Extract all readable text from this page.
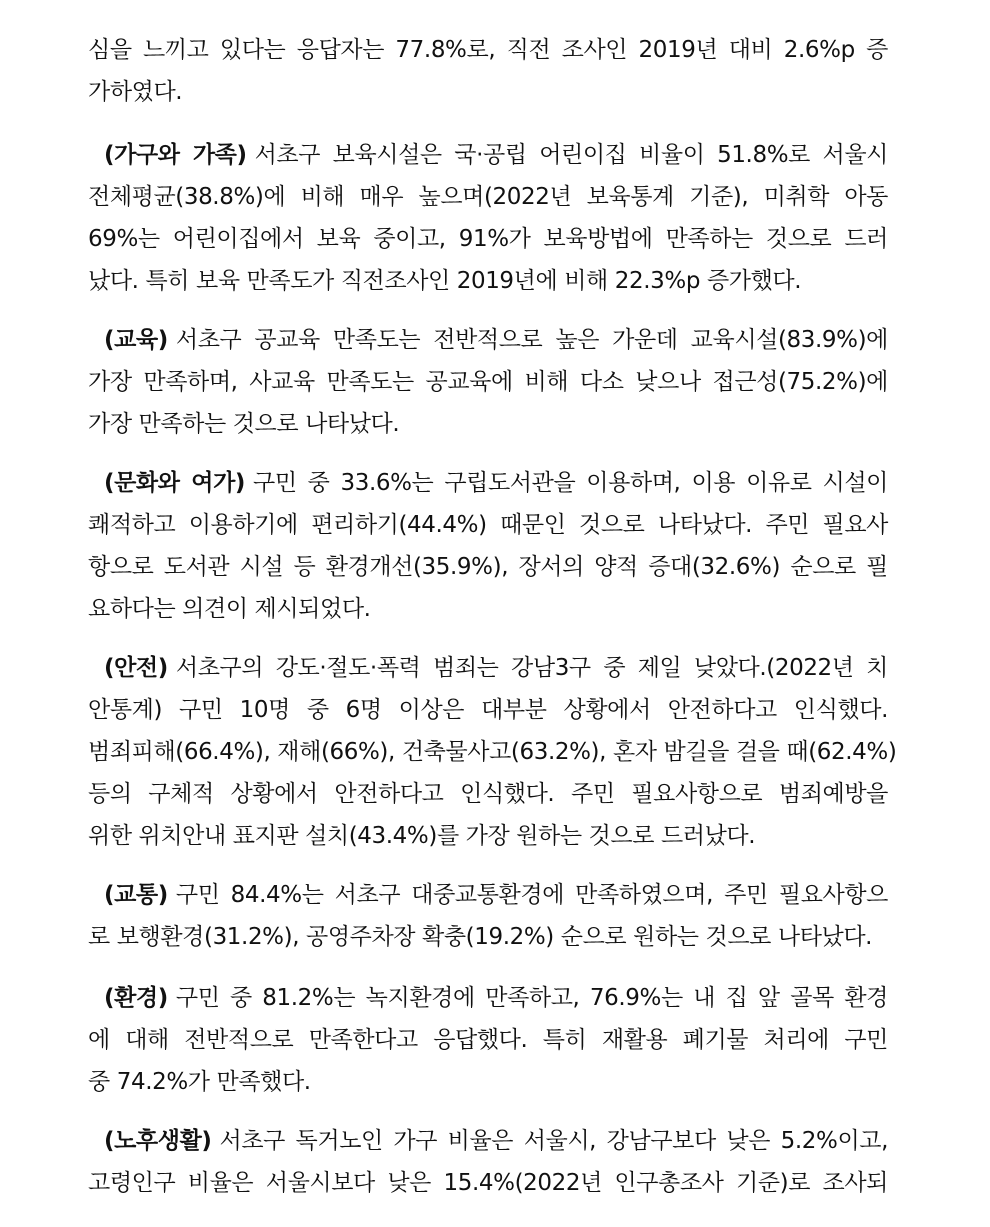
심을 느끼고 있다는 응답자는 77.8%로, 직전 조사인 2019년 대비 2.6%p 증
가하였다.
(가구와 가족) 서초구 보육시설은 국·공립 어린이집 비율이 51.8%로 서울시
전체평균(38.8%)에 비해 매우 높으며(2022년 보육통계 기준), 미취학 아동
69%는 어린이집에서 보육 중이고, 91%가 보육방법에 만족하는 것으로 드러
났다. 특히 보육 만족도가 직전조사인 2019년에 비해 22.3%p 증가했다.
(교육) 서초구 공교육 만족도는 전반적으로 높은 가운데 교육시설(83.9%)에
가장 만족하며, 사교육 만족도는 공교육에 비해 다소 낮으나 접근성(75.2%)에
가장 만족하는 것으로 나타났다.
(문화와 여가) 구민 중 33.6%는 구립도서관을 이용하며, 이용 이유로 시설이
쾌적하고 이용하기에 편리하기(44.4%) 때문인 것으로 나타났다. 주민 필요사
항으로 도서관 시설 등 환경개선(35.9%), 장서의 양적 증대(32.6%) 순으로 필
요하다는 의견이 제시되었다.
(안전) 서초구의 강도·절도·폭력 범죄는 강남3구 중 제일 낮았다.(2022년 치
안통계) 구민 10명 중 6명 이상은 대부분 상황에서 안전하다고 인식했다.
범죄피해(66.4%), 재해(66%), 건축물사고(63.2%), 혼자 밤길을 걸을 때(62.4%)
등의 구체적 상황에서 안전하다고 인식했다. 주민 필요사항으로 범죄예방을
위한 위치안내 표지판 설치(43.4%)를 가장 원하는 것으로 드러났다.
(교통) 구민 84.4%는 서초구 대중교통환경에 만족하였으며, 주민 필요사항으
로 보행환경(31.2%), 공영주차장 확충(19.2%) 순으로 원하는 것으로 나타났다.
(환경) 구민 중 81.2%는 녹지환경에 만족하고, 76.9%는 내 집 앞 골목 환경
에 대해 전반적으로 만족한다고 응답했다. 특히 재활용 폐기물 처리에 구민
중 74.2%가 만족했다.
(노후생활) 서초구 독거노인 가구 비율은 서울시, 강남구보다 낮은 5.2%이고,
고령인구 비율은 서울시보다 낮은 15.4%(2022년 인구총조사 기준)로 조사되
